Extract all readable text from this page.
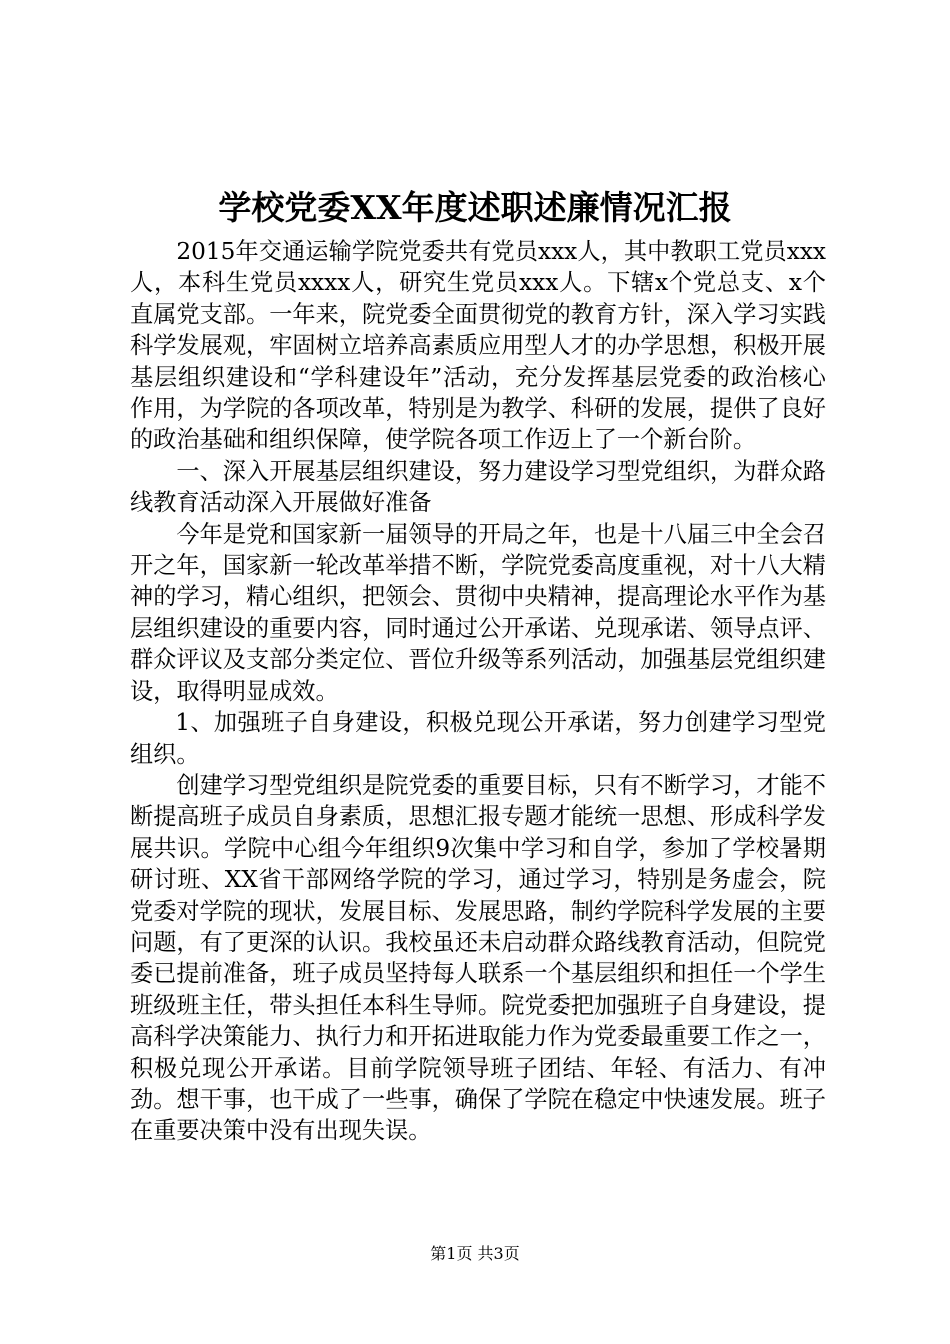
学校党委XX年度述职述廉情况汇报

2015年交通运输学院党委共有党员xxx人，其中教职工党员xxx人，本科生党员xxxx人，研究生党员xxx人。下辖x个党总支、x个直属党支部。一年来，院党委全面贯彻党的教育方针，深入学习实践科学发展观，牢固树立培养高素质应用型人才的办学思想，积极开展基层组织建设和“学科建设年”活动，充分发挥基层党委的政治核心作用，为学院的各项改革，特别是为教学、科研的发展，提供了良好的政治基础和组织保障，使学院各项工作迈上了一个新台阶。

一、深入开展基层组织建设，努力建设学习型党组织，为群众路线教育活动深入开展做好准备

今年是党和国家新一届领导的开局之年，也是十八届三中全会召开之年，国家新一轮改革举措不断，学院党委高度重视，对十八大精神的学习，精心组织，把领会、贯彻中央精神，提高理论水平作为基层组织建设的重要内容，同时通过公开承诺、兑现承诺、领导点评、群众评议及支部分类定位、晋位升级等系列活动，加强基层党组织建设，取得明显成效。

1、加强班子自身建设，积极兑现公开承诺，努力创建学习型党组织。

创建学习型党组织是院党委的重要目标，只有不断学习，才能不断提高班子成员自身素质，思想汇报专题才能统一思想、形成科学发展共识。学院中心组今年组织9次集中学习和自学，参加了学校暑期研讨班、XX省干部网络学院的学习，通过学习，特别是务虚会，院党委对学院的现状，发展目标、发展思路，制约学院科学发展的主要问题，有了更深的认识。我校虽还未启动群众路线教育活动，但院党委已提前准备，班子成员坚持每人联系一个基层组织和担任一个学生班级班主任，带头担任本科生导师。院党委把加强班子自身建设，提高科学决策能力、执行力和开拓进取能力作为党委最重要工作之一，积极兑现公开承诺。目前学院领导班子团结、年轻、有活力、有冲劲。想干事，也干成了一些事，确保了学院在稳定中快速发展。班子在重要决策中没有出现失误。

第1页 共3页
